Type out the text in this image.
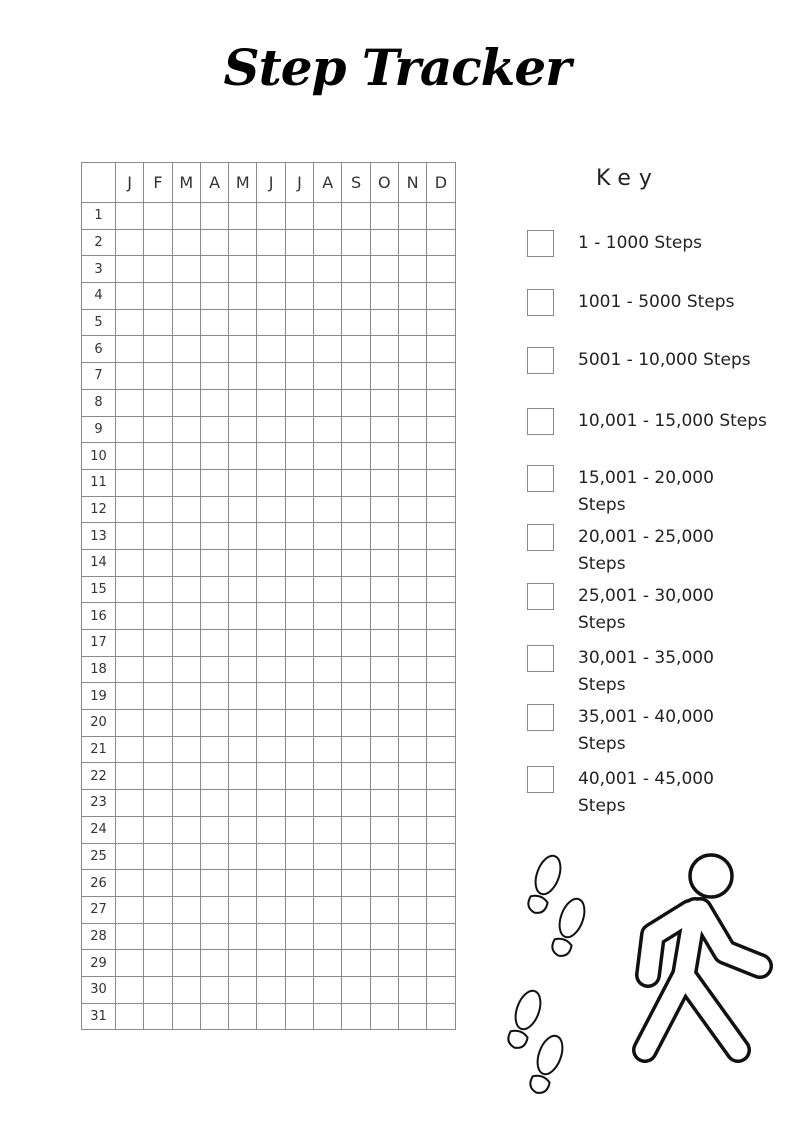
Step Tracker
	J	F	M	A	M	J	J	A	S	O	N	D
1												
2												
3												
4												
5												
6												
7												
8												
9												
10												
11												
12												
13												
14												
15												
16												
17												
18												
19												
20												
21												
22												
23												
24												
25												
26												
27												
28												
29												
30												
31												
Key
1 - 1000 Steps
1001 - 5000 Steps
5001 - 10,000 Steps
10,001 - 15,000 Steps
15,001 - 20,000
Steps
20,001 - 25,000
Steps
25,001 - 30,000
Steps
30,001 - 35,000
Steps
35,001 - 40,000
Steps
40,001 - 45,000
Steps
